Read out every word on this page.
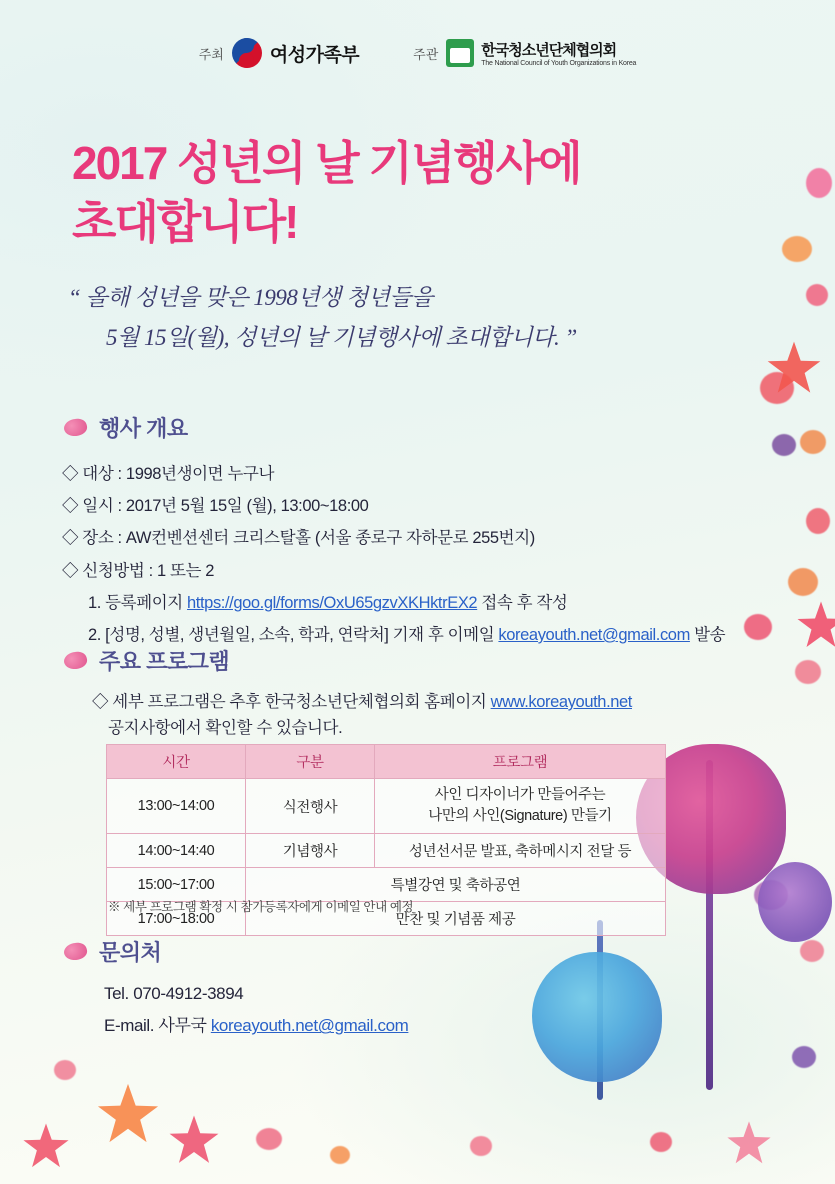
주최 여성가족부	주관	한국청소년단체협의회
The National Council of Youth Organizations in Korea
2017 성년의 날 기념행사에
초대합니다!
“ 올해 성년을 맞은 1998년생 청년들을
5월 15일(월), 성년의 날 기념행사에 초대합니다. ”
행사 개요
◇ 대상 : 1998년생이면 누구나
◇ 일시 : 2017년 5월 15일 (월), 13:00~18:00
◇ 장소 : AW컨벤션센터 크리스탈홀 (서울 종로구 자하문로 255번지)
◇ 신청방법 : 1 또는 2
1. 등록페이지 https://goo.gl/forms/OxU65gzvXKHktrEX2 접속 후 작성
2. [성명, 성별, 생년월일, 소속, 학과, 연락처] 기재 후 이메일 koreayouth.net@gmail.com 발송
주요 프로그램
◇ 세부 프로그램은 추후 한국청소년단체협의회 홈페이지 www.koreayouth.net
공지사항에서 확인할 수 있습니다.
시간	구분	프로그램
13:00~14:00	식전행사	사인 디자이너가 만들어주는
나만의 사인(Signature) 만들기
14:00~14:40	기념행사	성년선서문 발표, 축하메시지 전달 등
15:00~17:00	특별강연 및 축하공연	
17:00~18:00	만찬 및 기념품 제공	
※ 세부 프로그램 확정 시 참가등록자에게 이메일 안내 예정
문의처
Tel. 070-4912-3894
E-mail. 사무국 koreayouth.net@gmail.com
